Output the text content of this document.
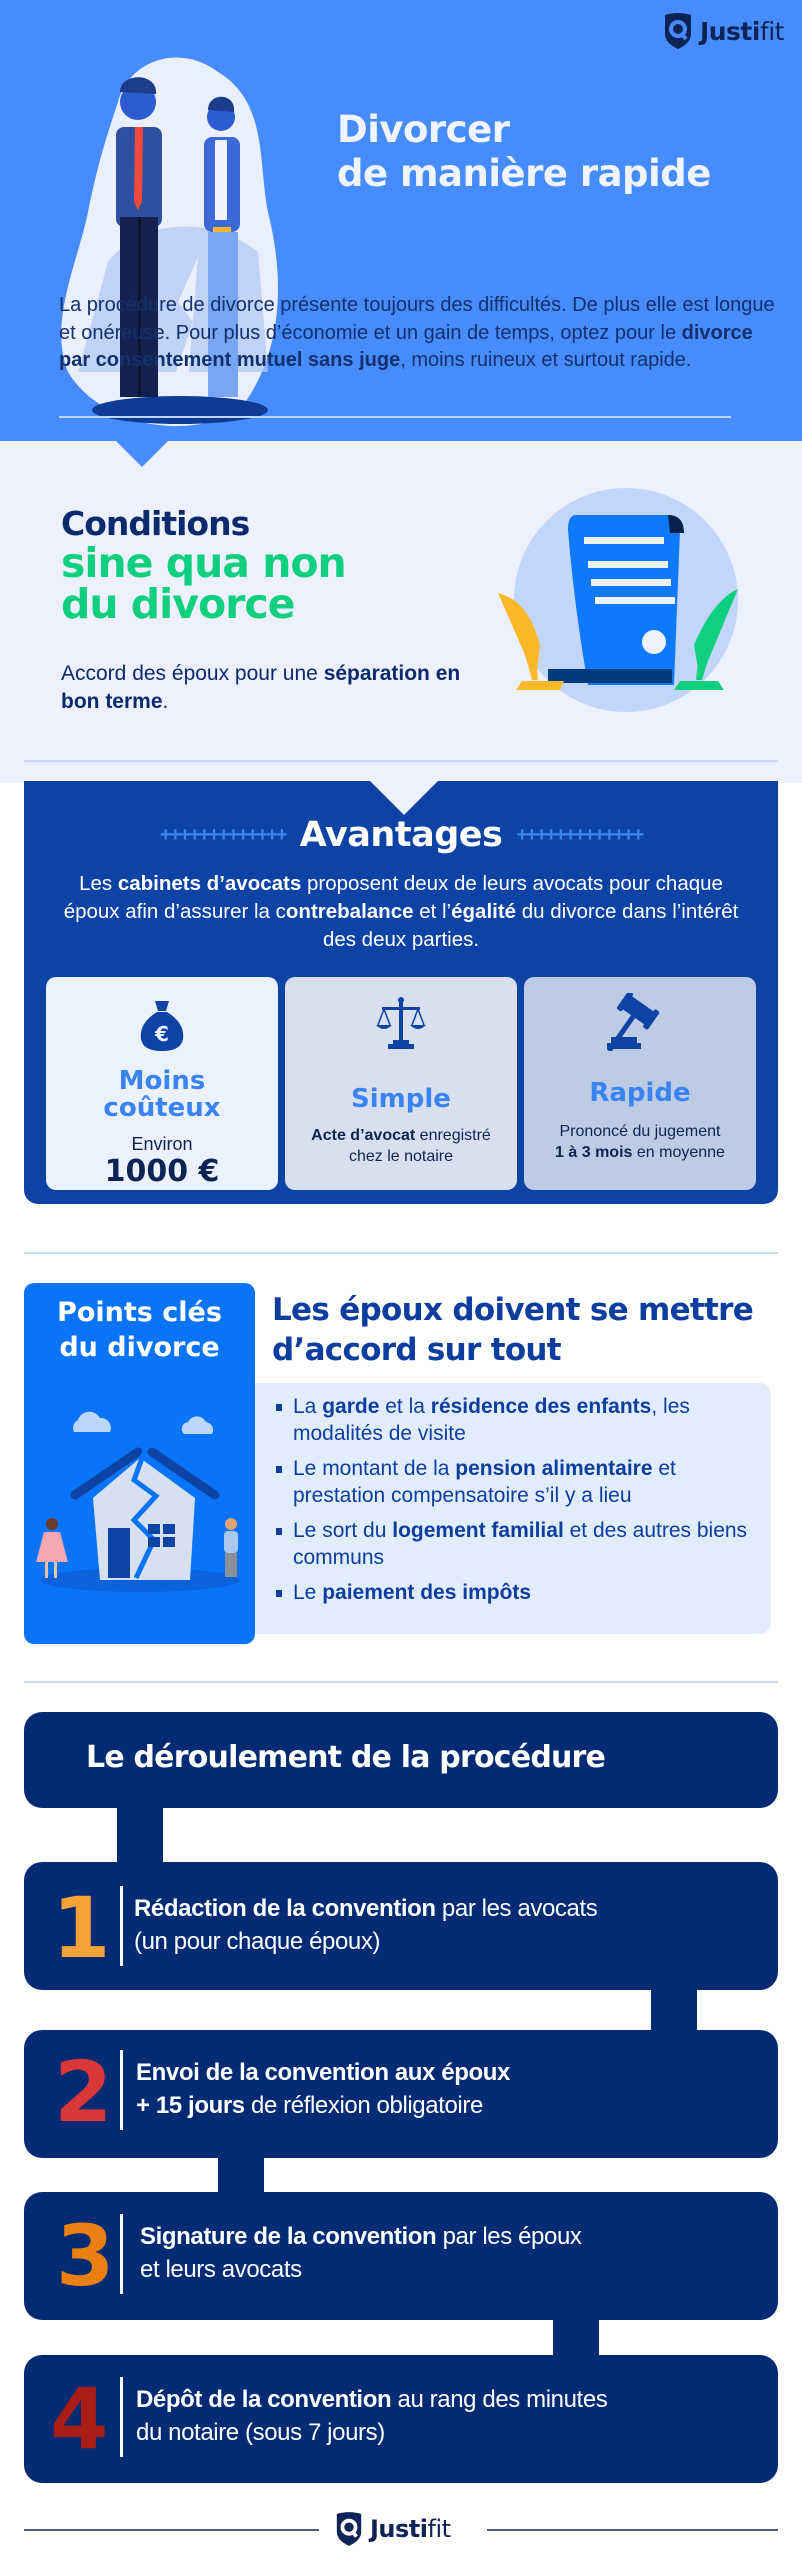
Justifit
Divorcer
de manière rapide

La procédure de divorce présente toujours des difficultés. De plus elle est longue et onéreuse. Pour plus d’économie et un gain de temps, optez pour le divorce par consentement mutuel sans juge, moins ruineux et surtout rapide.

Conditions
sine qua non
du divorce

Accord des époux pour une séparation en bon terme.

+++++++++++++ Avantages +++++++++++++

Les cabinets d’avocats proposent deux de leurs avocats pour chaque époux afin d’assurer la contrebalance et l’égalité du divorce dans l’intérêt des deux parties.

€
Moins
coûteux
Environ
1000 €
Simple
Acte d’avocat enregistré chez le notaire
Rapide
Prononcé du jugement
1 à 3 mois en moyenne
Points clés
du divorce
Les époux doivent se mettre
d’accord sur tout
La garde et la résidence des enfants, les modalités de visite
Le montant de la pension alimentaire et prestation compensatoire s’il y a lieu
Le sort du logement familial et des autres biens communs
Le paiement des impôts
Le déroulement de la procédure
1 Rédaction de la convention par les avocats
(un pour chaque époux)
2 Envoi de la convention aux époux
+ 15 jours de réflexion obligatoire
3 Signature de la convention par les époux
et leurs avocats
4 Dépôt de la convention au rang des minutes
du notaire (sous 7 jours)
Justifit
